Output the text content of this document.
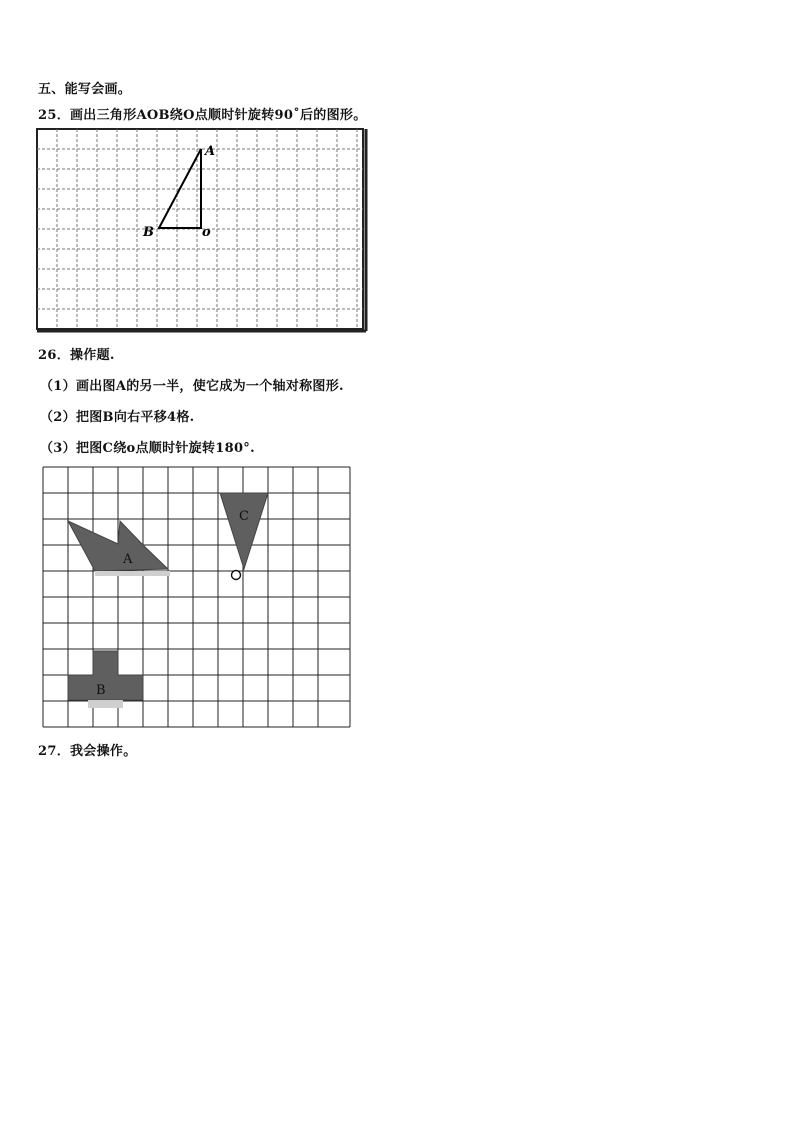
五、能写会画。
25．画出三角形AOB绕O点顺时针旋转90˚后的图形。
A
B	o
26．操作题.
（1）画出图A的另一半，使它成为一个轴对称图形.
（2）把图B向右平移4格.
（3）把图C绕o点顺时针旋转180°.
A
C
B
27．我会操作。
